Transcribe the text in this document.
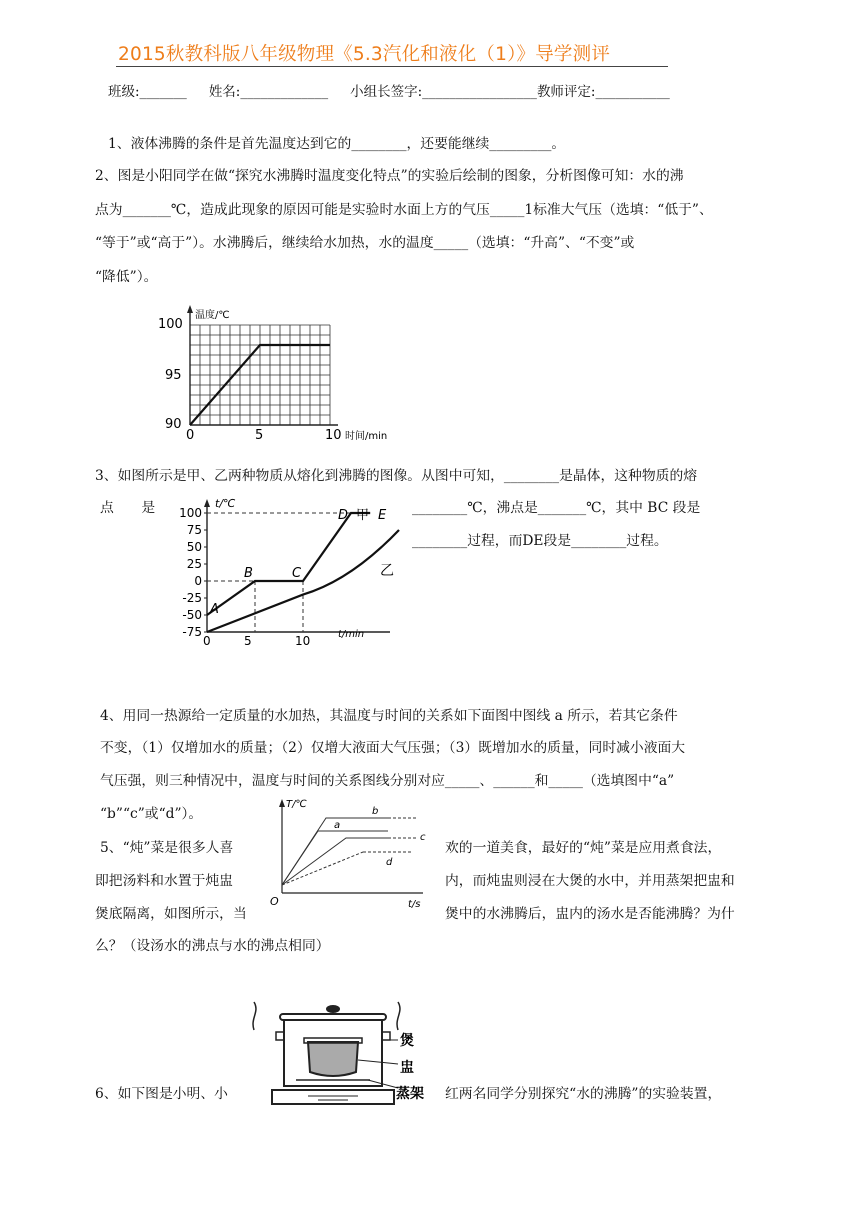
2015秋教科版八年级物理《5.3汽化和液化（1）》导学测评
班级:_______ 姓名:_____________ 小组长签字:_________________教师评定:___________
1、液体沸腾的条件是首先温度达到它的________，还要能继续_________。
2、图是小阳同学在做“探究水沸腾时温度变化特点”的实验后绘制的图象，分析图像可知：水的沸
点为_______℃，造成此现象的原因可能是实验时水面上方的气压_____1标准大气压（选填：“低于”、
“等于”或“高于”）。水沸腾后，继续给水加热，水的温度_____（选填：“升高”、“不变”或
“降低”）。
温度/℃
100
95
90
0	5	10 时间/min
3、如图所示是甲、乙两种物质从熔化到沸腾的图像。从图中可知，________是晶体，这种物质的熔
点　　是	________℃，沸点是_______℃，其中 BC 段是
________过程，而DE段是________过程。
100
75
50
25
0
-25
-50
-75
t/℃
t/min
0	5	10
A
B	C
D 甲 E
乙
4、用同一热源给一定质量的水加热，其温度与时间的关系如下面图中图线 a 所示，若其它条件
不变，（1）仅增加水的质量；（2）仅增大液面大气压强；（3）既增加水的质量，同时减小液面大
气压强，则三种情况中，温度与时间的关系图线分别对应_____、______和_____（选填图中“a”
“b”“c”或“d”）。
T/℃
O	t/s
a
b
c
d
5、“炖”菜是很多人喜	欢的一道美食，最好的“炖”菜是应用煮食法，
即把汤料和水置于炖盅	内，而炖盅则浸在大煲的水中，并用蒸架把盅和
煲底隔离，如图所示，当	煲中的水沸腾后，盅内的汤水是否能沸腾？为什
么？（设汤水的沸点与水的沸点相同）
煲
盅
蒸架
6、如下图是小明、小	红两名同学分别探究“水的沸腾”的实验装置，
